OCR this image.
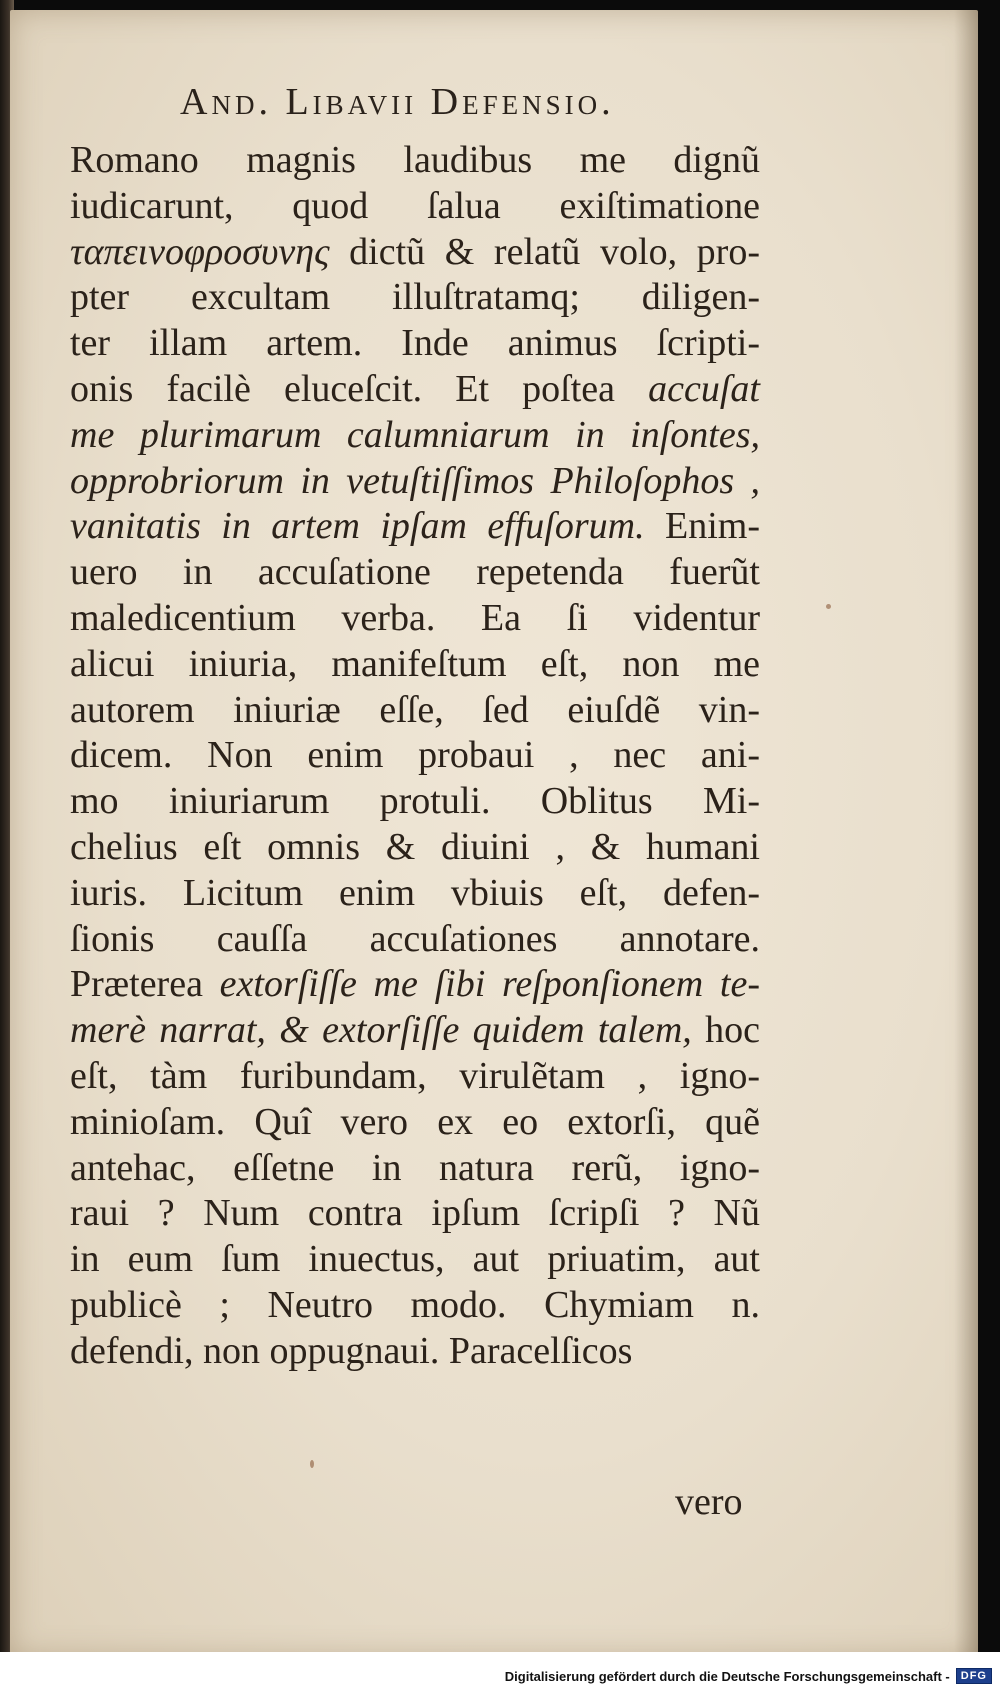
And. Libavii Defensio.
Romano magnis laudibus me dignũ
iudicarunt, quod ſalua exiſtimatione
ταπεινοφροσυνης dictũ & relatũ volo, pro-
pter excultam illuſtratamq; diligen-
ter illam artem. Inde animus ſcripti-
onis facilè eluceſcit. Et poſtea accuſat
me plurimarum calumniarum in inſontes,
opprobriorum in vetuſtiſſimos Philoſophos ,
vanitatis in artem ipſam effuſorum. Enim-
uero in accuſatione repetenda fuerũt
maledicentium verba. Ea ſi videntur
alicui iniuria, manifeſtum eſt, non me
autorem iniuriæ eſſe, ſed eiuſdẽ vin-
dicem. Non enim probaui , nec ani-
mo iniuriarum protuli. Oblitus Mi-
chelius eſt omnis & diuini , & humani
iuris. Licitum enim vbiuis eſt, defen-
ſionis cauſſa accuſationes annotare.
Præterea extorſiſſe me ſibi reſponſionem te-
merè narrat, & extorſiſſe quidem talem, hoc
eſt, tàm furibundam, virulẽtam , igno-
minioſam. Quî vero ex eo extorſi, quẽ
antehac, eſſetne in natura rerũ, igno-
raui ? Num contra ipſum ſcripſi ? Nũ
in eum ſum inuectus, aut priuatim, aut
publicè ; Neutro modo. Chymiam n.
defendi, non oppugnaui. Paracelſicos
vero
Digitalisierung gefördert durch die Deutsche Forschungsgemeinschaft -	DFG
